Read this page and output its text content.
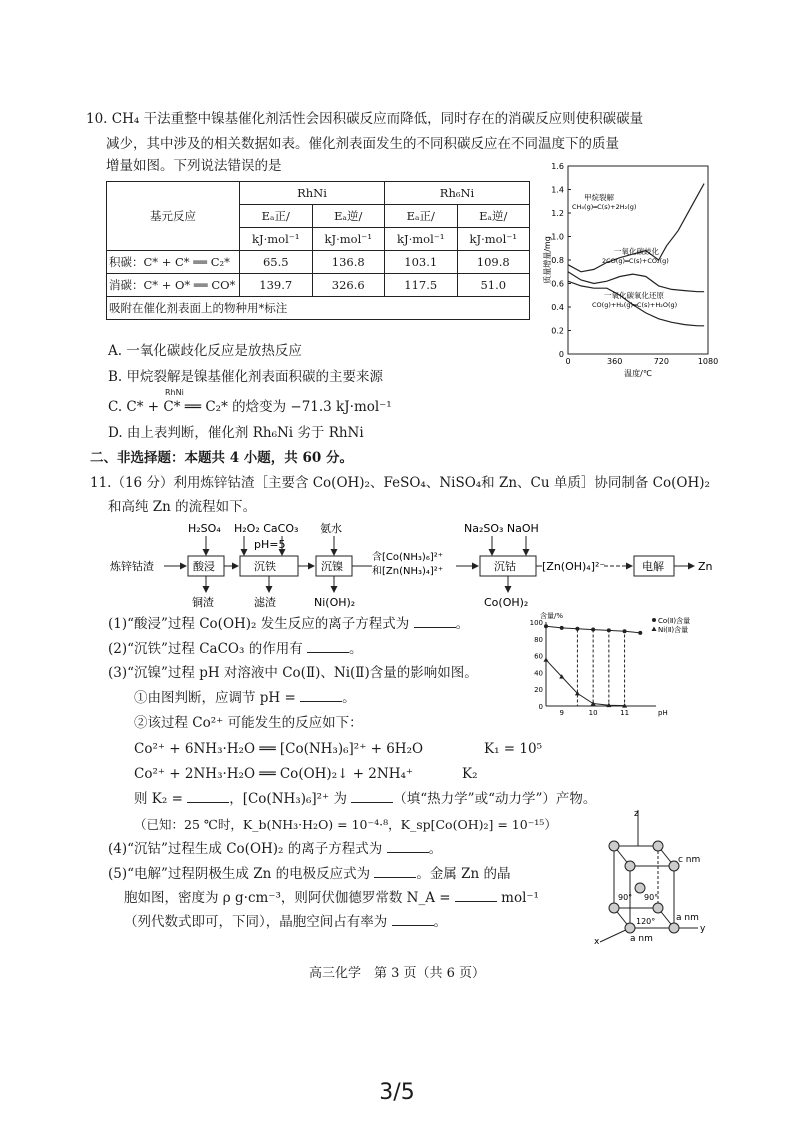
10. CH₄ 干法重整中镍基催化剂活性会因积碳反应而降低，同时存在的消碳反应则使积碳碳量
减少，其中涉及的相关数据如表。催化剂表面发生的不同积碳反应在不同温度下的质量
增量如图。下列说法错误的是
基元反应	RhNi		Rh₆Ni	
	Eₐ正/	Eₐ逆/	Eₐ正/	Eₐ逆/
	kJ·mol⁻¹	kJ·mol⁻¹	kJ·mol⁻¹	kJ·mol⁻¹
积碳：C* + C* ══ C₂*	65.5	136.8	103.1	109.8
消碳：C* + O* ══ CO*	139.7	326.6	117.5	51.0
吸附在催化剂表面上的物种用*标注				
0
0.2
0.4
0.6
0.8
1.0
1.2
1.4
1.6
0	360	720	1080
温度/℃
质量增量/mg
甲烷裂解
CH₄(g)═C(s)+2H₂(g)
一氧化碳歧化
2CO(g)═C(s)+CO₂(g)
一氧化碳氧化还原
CO(g)+H₂(g)═C(s)+H₂O(g)
A. 一氧化碳歧化反应是放热反应
B. 甲烷裂解是镍基催化剂表面积碳的主要来源
C. C* + C* ══ C₂* 的焓变为 −71.3 kJ·mol⁻¹
RhNi
D. 由上表判断，催化剂 Rh₆Ni 劣于 RhNi
二、非选择题：本题共 4 小题，共 60 分。
11.（16 分）利用炼锌钴渣［主要含 Co(OH)₂、FeSO₄、NiSO₄和 Zn、Cu 单质］协同制备 Co(OH)₂
和高纯 Zn 的流程如下。
炼锌钴渣	酸浸
H₂SO₄
铜渣
沉铁
H₂O₂ CaCO₃
pH=5
滤渣
沉镍
氨水
Ni(OH)₂
含[Co(NH₃)₆]²⁺
和[Zn(NH₃)₄]²⁺	沉钴
Na₂SO₃ NaOH
Co(OH)₂
[Zn(OH)₄]²⁻	电解	Zn
含量/%
pH
0
20
40
60
80
100
9	10	11
Co(Ⅱ)含量
Ni(Ⅱ)含量
(1)“酸浸”过程 Co(OH)₂ 发生反应的离子方程式为	。
(2)“沉铁”过程 CaCO₃ 的作用有	。
(3)“沉镍”过程 pH 对溶液中 Co(Ⅱ)、Ni(Ⅱ)含量的影响如图。
①由图判断，应调节 pH =	。
②该过程 Co²⁺ 可能发生的反应如下：
Co²⁺ + 6NH₃·H₂O ══ [Co(NH₃)₆]²⁺ + 6H₂O	K₁ = 10⁵
Co²⁺ + 2NH₃·H₂O ══ Co(OH)₂↓ + 2NH₄⁺	K₂
则 K₂ =	，[Co(NH₃)₆]²⁺ 为	（填“热力学”或“动力学”）产物。
（已知：25 ℃时，K_b(NH₃·H₂O) = 10⁻⁴·⁸，K_sp[Co(OH)₂] = 10⁻¹⁵）
(4)“沉钴”过程生成 Co(OH)₂ 的离子方程式为	。
(5)“电解”过程阴极生成 Zn 的电极反应式为	。金属 Zn 的晶
胞如图，密度为 ρ g·cm⁻³，则阿伏伽德罗常数 N_A =	mol⁻¹
（列代数式即可，下同），晶胞空间占有率为	。
z
y
x
c nm
a nm
a nm
90° 90°
120°
高三化学　第 3 页（共 6 页）
3/5
